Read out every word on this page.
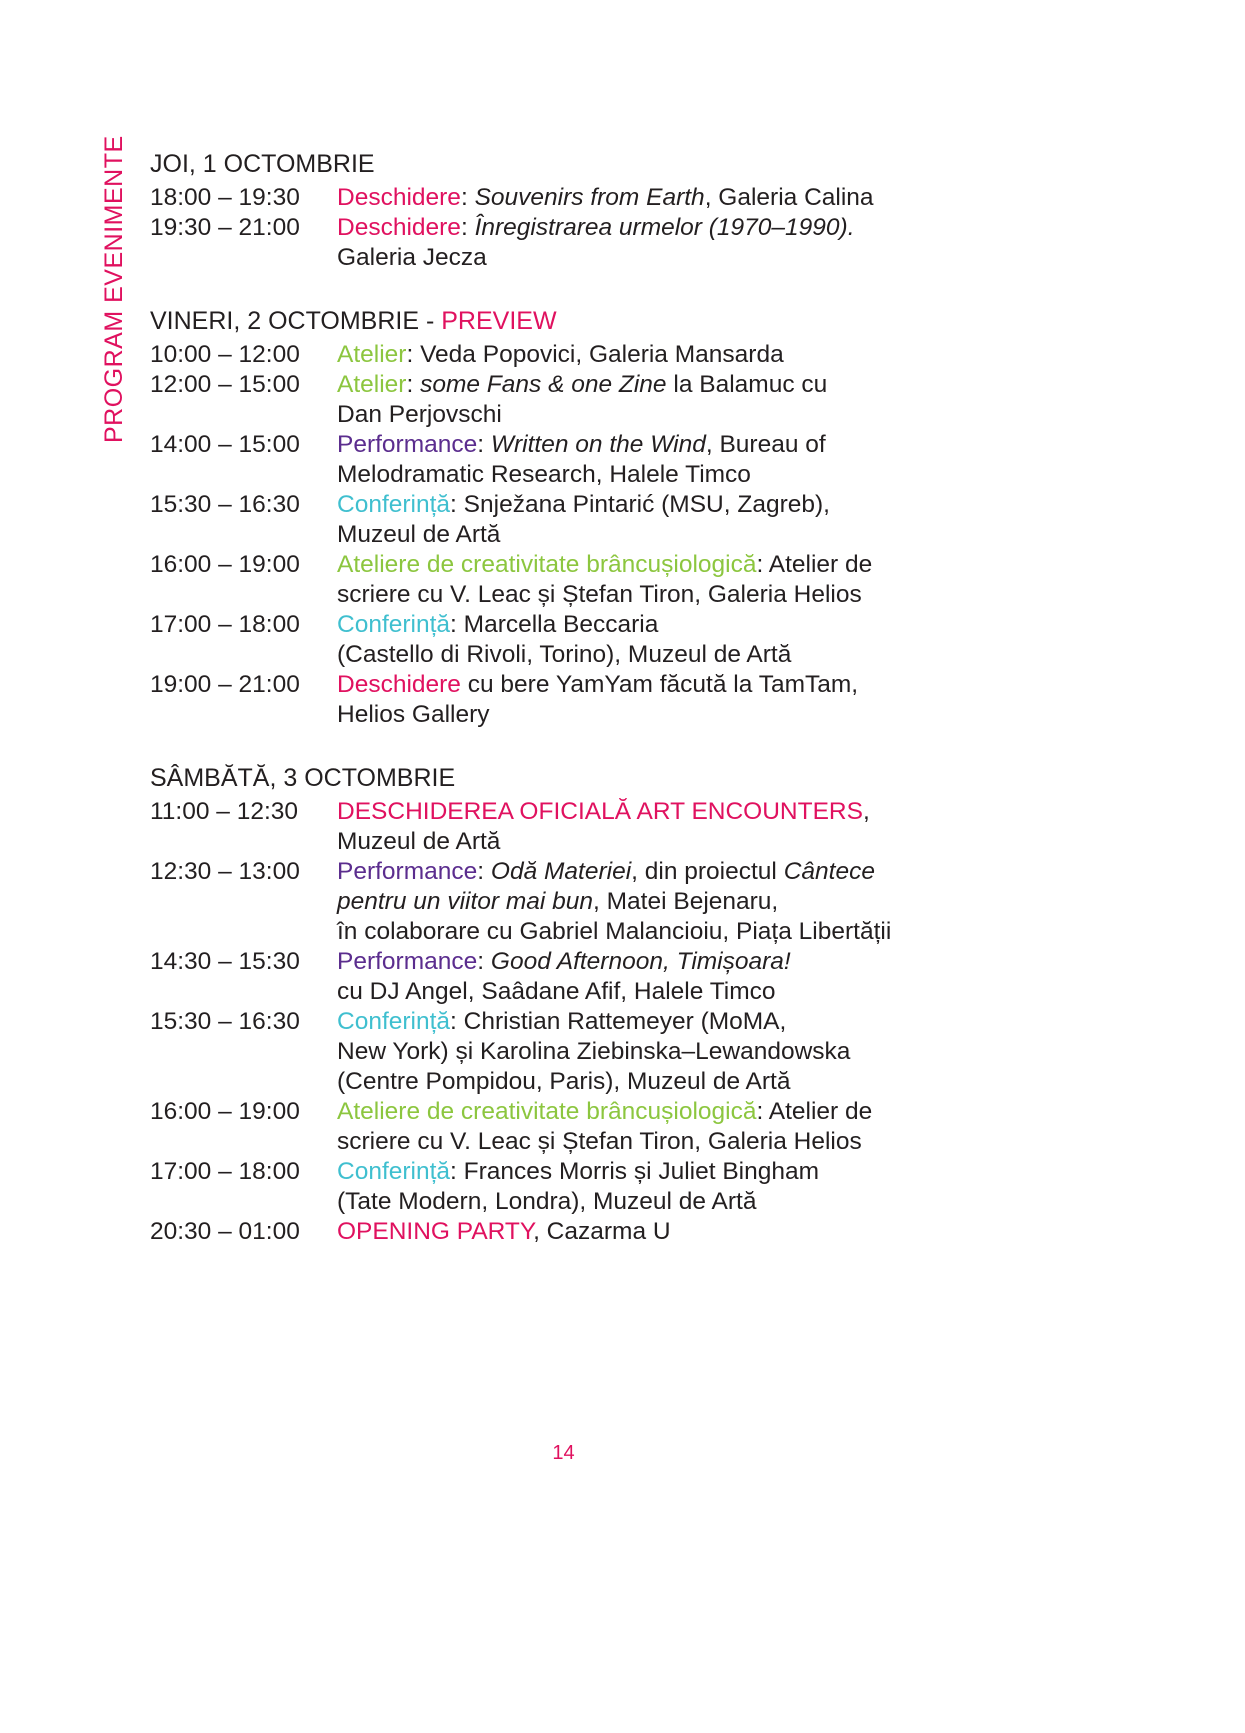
PROGRAM EVENIMENTE JOI, 1 OCTOMBRIE
18:00 – 19:30	Deschidere: Souvenirs from Earth, Galeria Calina
19:30 – 21:00	Deschidere: Înregistrarea urmelor (1970–1990).
Galeria Jecza
VINERI, 2 OCTOMBRIE - PREVIEW
10:00 – 12:00	Atelier: Veda Popovici, Galeria Mansarda
12:00 – 15:00	Atelier: some Fans & one Zine la Balamuc cu
Dan Perjovschi
14:00 – 15:00	Performance: Written on the Wind, Bureau of
Melodramatic Research, Halele Timco
15:30 – 16:30	Conferință: Snježana Pintarić (MSU, Zagreb),
Muzeul de Artă
16:00 – 19:00	Ateliere de creativitate brâncușiologică: Atelier de
scriere cu V. Leac și Ștefan Tiron, Galeria Helios
17:00 – 18:00	Conferință: Marcella Beccaria
(Castello di Rivoli, Torino), Muzeul de Artă
19:00 – 21:00	Deschidere cu bere YamYam făcută la TamTam,
Helios Gallery
SÂMBĂTĂ, 3 OCTOMBRIE
11:00 – 12:30	DESCHIDEREA OFICIALĂ ART ENCOUNTERS,
Muzeul de Artă
12:30 – 13:00	Performance: Odă Materiei, din proiectul Cântece
pentru un viitor mai bun, Matei Bejenaru,
în colaborare cu Gabriel Malancioiu, Piața Libertății
14:30 – 15:30	Performance: Good Afternoon, Timișoara!
cu DJ Angel, Saâdane Afif, Halele Timco
15:30 – 16:30	Conferință: Christian Rattemeyer (MoMA,
New York) și Karolina Ziebinska–Lewandowska
(Centre Pompidou, Paris), Muzeul de Artă
16:00 – 19:00	Ateliere de creativitate brâncușiologică: Atelier de
scriere cu V. Leac și Ștefan Tiron, Galeria Helios
17:00 – 18:00	Conferință: Frances Morris și Juliet Bingham
(Tate Modern, Londra), Muzeul de Artă
20:30 – 01:00	OPENING PARTY, Cazarma U
14
